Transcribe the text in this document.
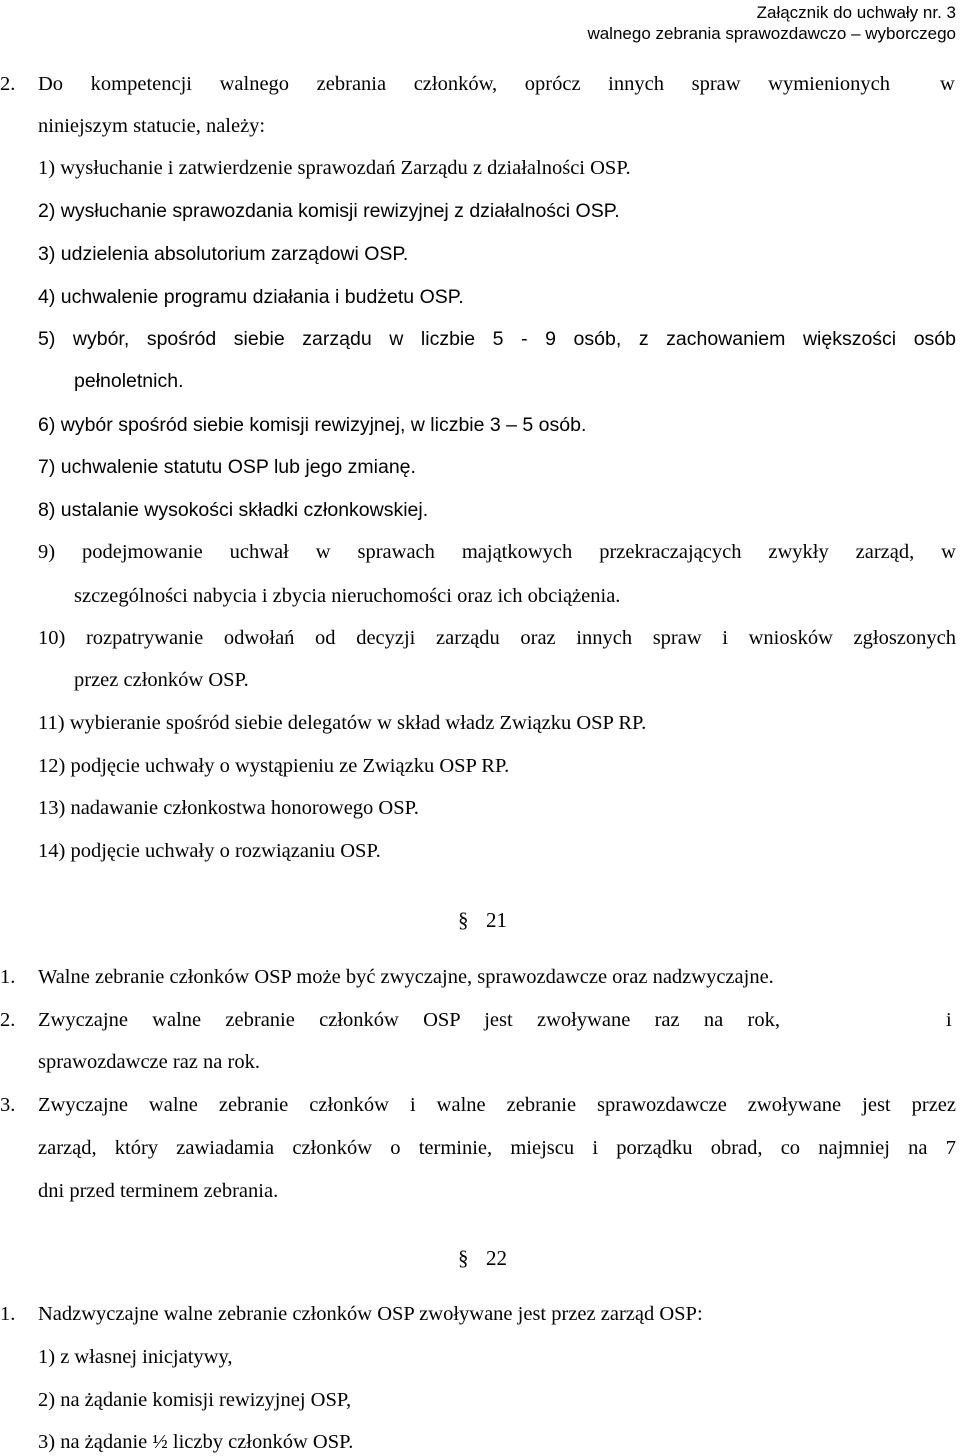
Załącznik do uchwały nr. 3
walnego zebrania sprawozdawczo – wyborczego
2. Do kompetencji walnego zebrania członków, oprócz innych spraw wymienionych w
niniejszym statucie, należy:
1) wysłuchanie i zatwierdzenie sprawozdań Zarządu z działalności OSP.
2) wysłuchanie sprawozdania komisji rewizyjnej z działalności OSP.
3) udzielenia absolutorium zarządowi OSP.
4) uchwalenie programu działania i budżetu OSP.
5) wybór, spośród siebie zarządu w liczbie 5 - 9 osób, z zachowaniem większości osób
pełnoletnich.
6) wybór spośród siebie komisji rewizyjnej, w liczbie 3 – 5 osób.
7) uchwalenie statutu OSP lub jego zmianę.
8) ustalanie wysokości składki członkowskiej.
9) podejmowanie uchwał w sprawach majątkowych przekraczających zwykły zarząd, w
szczególności nabycia i zbycia nieruchomości oraz ich obciążenia.
10) rozpatrywanie odwołań od decyzji zarządu oraz innych spraw i wniosków zgłoszonych
przez członków OSP.
11) wybieranie spośród siebie delegatów w skład władz Związku OSP RP.
12) podjęcie uchwały o wystąpieniu ze Związku OSP RP.
13) nadawanie członkostwa honorowego OSP.
14) podjęcie uchwały o rozwiązaniu OSP.
§ 21
1. Walne zebranie członków OSP może być zwyczajne, sprawozdawcze oraz nadzwyczajne.
2. Zwyczajne walne zebranie członków OSP jest zwoływane raz na rok,	i
sprawozdawcze raz na rok.
3. Zwyczajne walne zebranie członków i walne zebranie sprawozdawcze zwoływane jest przez
zarząd, który zawiadamia członków o terminie, miejscu i porządku obrad, co najmniej na 7
dni przed terminem zebrania.
§ 22
1. Nadzwyczajne walne zebranie członków OSP zwoływane jest przez zarząd OSP:
1) z własnej inicjatywy,
2) na żądanie komisji rewizyjnej OSP,
3) na żądanie ½ liczby członków OSP.
